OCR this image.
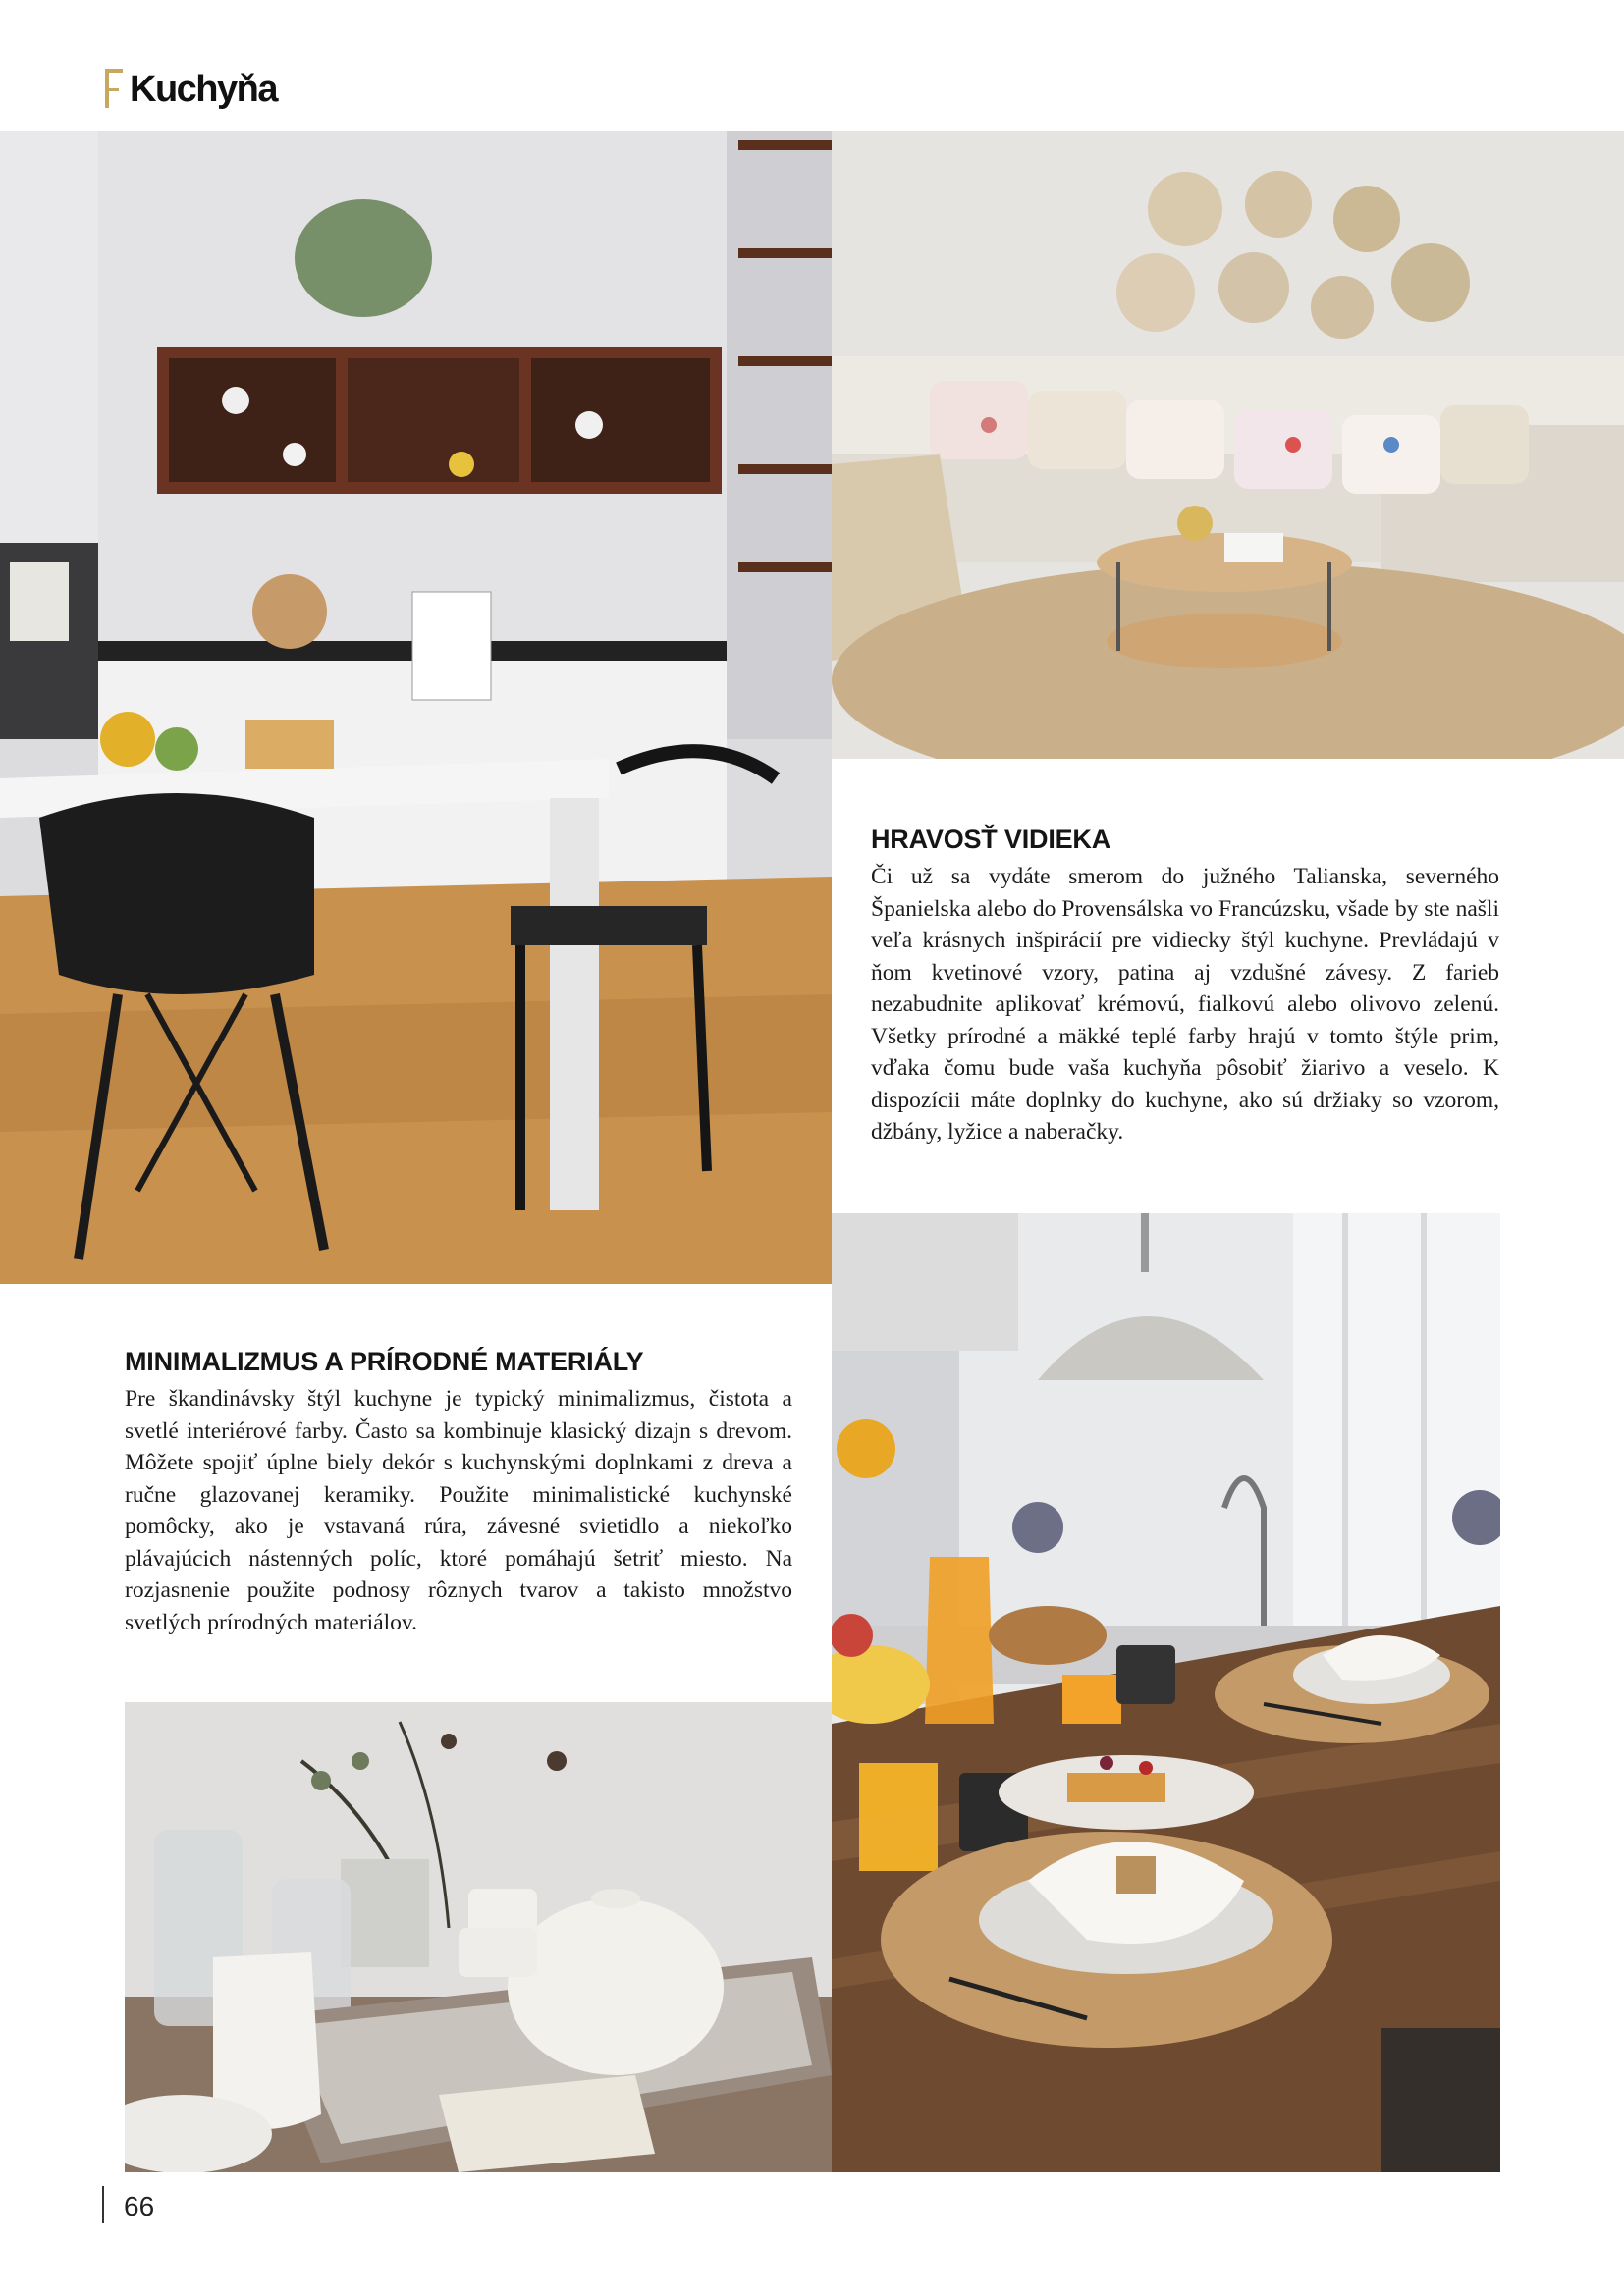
Kuchyňa
HRAVOSŤ VIDIEKA

Či už sa vydáte smerom do južného Talianska, severného Španielska alebo do Provensálska vo Francúzsku, všade by ste našli veľa krásnych inšpirácií pre vidiecky štýl kuchyne. Prevládajú v ňom kvetinové vzory, patina aj vzdušné závesy. Z farieb nezabudnite aplikovať krémovú, fialkovú alebo olivovo zelenú. Všetky prírodné a mäkké teplé farby hrajú v tomto štýle prim, vďaka čomu bude vaša kuchyňa pôsobiť žiarivo a veselo. K dispozícii máte doplnky do kuchyne, ako sú držiaky so vzorom, džbány, lyžice a naberačky.

MINIMALIZMUS A PRÍRODNÉ MATERIÁLY

Pre škandinávsky štýl kuchyne je typický minimalizmus, čistota a svetlé interiérové farby. Často sa kombinuje klasický dizajn s drevom. Môžete spojiť úplne biely dekór s kuchynskými doplnkami z dreva a ručne glazovanej keramiky. Použite minimalistické kuchynské pomôcky, ako je vstavaná rúra, závesné svietidlo a niekoľko plávajúcich nástenných políc, ktoré pomáhajú šetriť miesto. Na rozjasnenie použite podnosy rôznych tvarov a takisto množstvo svetlých prírodných materiálov.

66
